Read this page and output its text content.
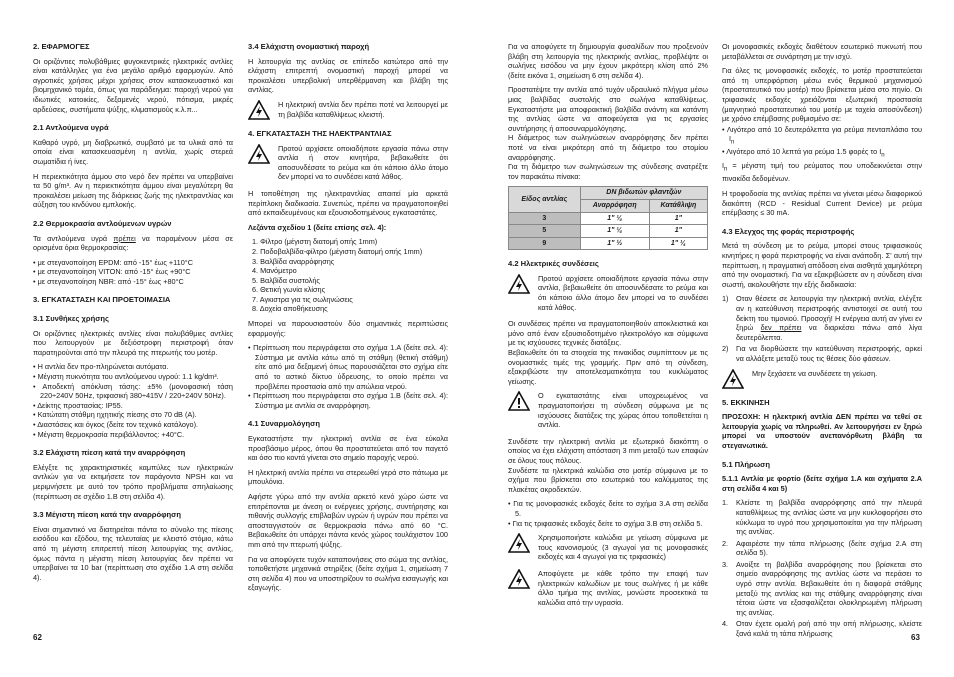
2. ΕΦΑΡΜΟΓΕΣ
Οι οριζόντιες πολυβάθμιες φυγοκεντρικές ηλεκτρικές αντλίες είναι κατάλληλες για ένα μεγάλο αριθμό εφαρμογών. Από αγροτικές χρήσεις μέχρι χρήσεις στον κατασκευαστικό και βιομηχανικό τομέα, όπως για παράδειγμα: παροχή νερού για ιδιωτικές κατοικίες, δεξαμενές νερού, πότισμα, μικρές αρδεύσεις, συστήματα ψύξης, κλιματισμούς κ.λ.π...
2.1 Αντλούμενα υγρά
Καθαρό υγρό, μη διαβρωτικό, συμβατό με τα υλικά από τα οποία είναι κατασκευασμένη η αντλία, χωρίς στερεά σωματίδια ή ίνες.
Η περιεκτικότητα άμμου στο νερό δεν πρέπει να υπερβαίνει τα 50 g/m³. Αν η περιεκτικότητα άμμου είναι μεγαλύτερη θα προκαλέσει μείωση της διάρκειας ζωής της ηλεκτραντλίας και αύξηση του κινδύνου εμπλοκής.
2.2 Θερμοκρασία αντλούμενων υγρών
Τα αντλούμενα υγρά πρέπει να παραμένουν μέσα σε ορισμένα όρια θερμοκρασίας:
• με στεγανοποίηση EPDM: από -15° έως +110°C
• με στεγανοποίηση VITON: από -15° έως +90°C
• με στεγανοποίηση NBR: από -15° έως +80°C
3. ΕΓΚΑΤΑΣΤΑΣΗ ΚΑΙ ΠΡΟΕΤΟΙΜΑΣΙΑ
3.1 Συνθήκες χρήσης
Οι οριζόντιες ηλεκτρικές αντλίες είναι πολυβάθμιες αντλίες που λειτουργούν με δεξιόστροφη περιστροφή όταν παρατηρούνται από την πλευρά της πτερωτής του μοτέρ.
• Η αντλία δεν προ-πληρώνεται αυτόματα.
• Μέγιστη πυκνότητα του αντλούμενου υγρού: 1.1 kg/dm³.
• Αποδεκτή απόκλιση τάσης: ±5% (μονοφασική τάση 220÷240V 50Hz, τριφασική 380÷415V / 220÷240V 50Hz).
• Δείκτης προστασίας: IP55.
• Κατώτατη στάθμη ηχητικής πίεσης στο 70 dB (A).
• Διαστάσεις και όγκος (δείτε τον τεχνικό κατάλογο).
• Μέγιστη θερμοκρασία περιβάλλοντος: +40°C.
3.2 Ελάχιστη πίεση κατά την αναρρόφηση
Ελέγξτε τις χαρακτηριστικές καμπύλες των ηλεκτρικών αντλιών για να εκτιμήσετε τον παράγοντα NPSH και να μεριμνήσετε με αυτό τον τρόπο προβλήματα σπηλαίωσης (περίπτωση σε σχέδιο 1.Β στη σελίδα 4).
3.3 Μέγιστη πίεση κατά την αναρρόφηση
Είναι σημαντικό να διατηρείται πάντα το σύνολο της πίεσης εισόδου και εξόδου, της τελευταίας με κλειστό στόμιο, κάτω από τη μέγιστη επιτρεπτή πίεση λειτουργίας της αντλίας, όμως πάντα η μέγιστη πίεση λειτουργίας δεν πρέπει να υπερβαίνει τα 10 bar (περίπτωση στο σχέδιο 1.Α στη σελίδα 4).
3.4 Ελάχιστη ονομαστική παροχή
Η λειτουργία της αντλίας σε επίπεδο κατώτερο από την ελάχιστη επιτρεπτή ονομαστική παροχή μπορεί να προκαλέσει υπερβολική υπερθέρμανση και βλάβη της αντλίας.
Η ηλεκτρική αντλία δεν πρέπει ποτέ να λειτουργεί με τη βαλβίδα καταθλίψεως κλειστή.
4. ΕΓΚΑΤΑΣΤΑΣΗ ΤΗΣ ΗΛΕΚΤΡΑΝΤΛΙΑΣ
Προτού αρχίσετε οποιαδήποτε εργασία πάνω στην αντλία ή στον κινητήρα, βεβαιωθείτε ότι αποσυνδέσατε το ρεύμα και ότι κάποιο άλλο άτομο δεν μπορεί να το συνδέσει κατά λάθος.
Η τοποθέτηση της ηλεκτραντλίας απαιτεί μία αρκετά περίπλοκη διαδικασία. Συνεπώς, πρέπει να πραγματοποιηθεί από εκπαιδευμένους και εξουσιοδοτημένους εγκαταστάτες.
Λεζάντα σχεδίου 1 (δείτε επίσης σελ. 4):
1. Φίλτρο (μέγιστη διατομή οπής 1mm)
2. Ποδοβαλβίδα-φίλτρο (μέγιστη διατομή οπής 1mm)
3. Βαλβίδα αναρρόφησης
4. Μανόμετρο
5. Βαλβίδα συστολής
6. Θετική γωνία κλίσης
7. Αγκιστρα για τις σωληνώσεις
8. Δοχεία αποθήκευσης
Μπορεί να παρουσιαστούν δύο σημαντικές περιπτώσεις εφαρμογής:
• Περίπτωση που περιγράφεται στο σχήμα 1.Α (δείτε σελ. 4): Σύστημα με αντλία κάτω από τη στάθμη (θετική στάθμη) είτε από μια δεξαμενή όπως παρουσιάζεται στο σχήμα είτε από το αστικό δίκτυο ύδρευσης, το οποίο πρέπει να προβλέπει προστασία από την απώλεια νερού.
• Περίπτωση που περιγράφεται στο σχήμα 1.Β (δείτε σελ. 4): Σύστημα με αντλία σε αναρρόφηση.
4.1 Συναρμολόγηση
Εγκαταστήστε την ηλεκτρική αντλία σε ένα εύκολα προσβάσιμο μέρος, όπου θα προστατεύεται από τον παγετό και όσο πιο κοντά γίνεται στο σημείο παροχής νερού.
Η ηλεκτρική αντλία πρέπει να στερεωθεί γερά στο πάτωμα με μπουλόνια.
Αφήστε γύρω από την αντλία αρκετό κενό χώρο ώστε να επιτρέπονται με άνεση οι ενέργειες χρήσης, συντήρησης και πιθανής συλλογής επιβλαβών υγρών ή υγρών που πρέπει να αποσταγγιστούν σε θερμοκρασία πάνω από 60 °C. Βεβαιωθείτε ότι υπάρχει πάντα κενός χώρος τουλάχιστον 100 mm από την πτερωτή ψύξης.
Για να αποφύγετε τυχόν καταπονήσεις στο σώμα της αντλίας, τοποθετήστε μηχανικά στηρίξεις (δείτε σχήμα 1, σημείωση 7 στη σελίδα 4) που να υποστηρίζουν το σωλήνα εισαγωγής και εξαγωγής.
62
Για να αποφύγετε τη δημιουργία φυσαλίδων που προξενούν βλάβη στη λειτουργία της ηλεκτρικής αντλίας, προβλέψτε οι σωλήνες εισόδου να μην έχουν μικρότερη κλίση από 2% (δείτε εικόνα 1, σημείωση 6 στη σελίδα 4).
Προστατέψτε την αντλία από τυχόν υδραυλικό πλήγμα μέσω μιας βαλβίδας συστολής στο σωλήνα καταθλίψεως. Εγκαταστήστε μια αποφρακτική βαλβίδα ανάντη και κατάντη της αντλίας ώστε να αποφεύγεται για τις εργασίες συντήρησης ή αποσυναρμολόγησης.
Η διάμετρος των σωληνώσεων αναρρόφησης δεν πρέπει ποτέ να είναι μικρότερη από τη διάμετρο του στομίου αναρρόφησης.
Για τη διάμετρο των σωληνώσεων της σύνδεσης ανατρέξτε τον παρακάτω πίνακα:
Είδος αντλίας	DN βιδωτών φλαντζών	
	Αναρρόφηση	Κατάθλιψη
3	1" ¼	1"
5	1" ¼	1"
9	1" ½	1" ¼
4.2 Ηλεκτρικές συνδέσεις
Προτού αρχίσετε οποιαδήποτε εργασία πάνω στην αντλία, βεβαιωθείτε ότι αποσυνδέσατε το ρεύμα και ότι κάποιο άλλο άτομο δεν μπορεί να το συνδέσει κατά λάθος.
Οι συνδέσεις πρέπει να πραγματοποιηθούν αποκλειστικά και μόνο από έναν εξουσιοδοτημένο ηλεκτρολόγο και σύμφωνα με τις ισχύουσες τεχνικές διατάξεις.
Βεβαιωθείτε ότι τα στοιχεία της πινακίδας συμπίπτουν με τις ονομαστικές τιμές της γραμμής. Πριν από τη σύνδεση, εξακριβώστε την αποτελεσματικότητα του κυκλώματος γείωσης.
Ο εγκαταστάτης είναι υποχρεωμένος να πραγματοποιήσει τη σύνδεση σύμφωνα με τις ισχύουσες διατάξεις της χώρας όπου τοποθετείται η αντλία.
Συνδέστε την ηλεκτρική αντλία με εξωτερικό διακόπτη ο οποίος να έχει ελάχιστη απόσταση 3 mm μεταξύ των επαφών σε όλους τους πόλους.
Συνδέστε τα ηλεκτρικά καλώδια στο μοτέρ σύμφωνα με το σχήμα που βρίσκεται στο εσωτερικό του καλύμματος της πλακέτας ακροδεκτών.
• Για τις μονοφασικές εκδοχές δείτε το σχήμα 3.Α στη σελίδα 5.
• Για τις τριφασικές εκδοχές δείτε το σχήμα 3.Β στη σελίδα 5.
Χρησιμοποιήστε καλώδια με γείωση σύμφωνα με τους κανονισμούς (3 αγωγοί για τις μονοφασικές εκδοχές και 4 αγωγοί για τις τριφασικές)
Αποφύγετε με κάθε τρόπο την επαφή των ηλεκτρικών καλωδίων με τους σωλήνες ή με κάθε άλλο τμήμα της αντλίας, μονώστε προσεκτικά τα καλώδια από την υγρασία.
Οι μονοφασικές εκδοχές διαθέτουν εσωτερικό πυκνωτή που μεταβάλλεται σε συνάρτηση με την ισχύ.
Για όλες τις μονοφασικές εκδοχές, το μοτέρ προστατεύεται από τη υπερφόρτιση μέσω ενός θερμικού μηχανισμού (προστατευτικό του μοτέρ) που βρίσκεται μέσα στο πηνίο. Οι τριφασικές εκδοχές χρειάζονται εξωτερική προστασία (μαγνητικό προστατευτικό του μοτέρ με ταχεία αποσύνδεση) με χρόνο επέμβασης ρυθμισμένο σε:
• Λιγότερο από 10 δευτερόλεπτα για ρεύμα πενταπλάσιο του $I_n$
• Λιγότερο από 10 λεπτά για ρεύμα 1.5 φορές το $I_n$
$I_n = \mu έ\gamma\iota\sigma\tau\eta$ τιμή του ρεύματος που υποδεικνύεται στην πινακίδα δεδομένων.
Η τροφοδοσία της αντλίας πρέπει να γίνεται μέσω διαφορικού διακόπτη (RCD - Residual Current Device) με ρεύμα επέμβασης ≤ 30 mA.
4.3 Ελεγχος της φοράς περιστροφής
Μετά τη σύνδεση με το ρεύμα, μπορεί στους τριφασικούς κινητήρες η φορά περιστροφής να είναι ανάποδη. Σ' αυτή την περίπτωση, η πραγματική απόδοση είναι αισθητά χαμηλότερη από την ονομαστική. Για να εξακριβώσετε αν η σύνδεση είναι σωστή, ακολουθήστε την εξής διαδικασία:
1)	Οταν θέσετε σε λειτουργία την ηλεκτρική αντλία, ελέγξτε αν η κατεύθυνση περιστροφής αντιστοιχεί σε αυτή του δείκτη του τιμονιού. Προσοχή! Η ενέργεια αυτή αν γίνει εν ξηρώ δεν πρέπει να διαρκέσει πάνω από λίγα δευτερόλεπτα.
2)	Για να διορθώσετε την κατεύθυνση περιστροφής, αρκεί να αλλάξετε μεταξύ τους τις θέσεις δύο φάσεων.
Μην ξεχάσετε να συνδέσετε τη γείωση.
5. ΕΚΚΙΝΗΣΗ
ΠΡΟΣΟΧΗ: Η ηλεκτρική αντλία ΔΕΝ πρέπει να τεθεί σε λειτουργία χωρίς να πληρωθεί. Αν λειτουργήσει εν ξηρώ μπορεί να υποστούν ανεπανόρθωτη βλάβη τα στεγανωτικά.
5.1 Πλήρωση
5.1.1 Αντλία με φορτίο (δείτε σχήμα 1.Α και σχήματα 2.Α στη σελίδα 4 και 5)
1.	Κλείστε τη βαλβίδα αναρρόφησης από την πλευρά καταθλίψεως της αντλίας ώστε να μην κυκλοφορήσει στο κύκλωμα το υγρό που χρησιμοποιείται για την πλήρωση της αντλίας.
2.	Αφαιρέστε την τάπα πλήρωσης (δείτε σχήμα 2.Α στη σελίδα 5).
3.	Ανοίξτε τη βαλβίδα αναρρόφησης που βρίσκεται στο σημείο αναρρόφησης της αντλίας ώστε να περάσει το υγρό στην αντλία. Βεβαιωθείτε ότι η διαφορά στάθμης μεταξύ της αντλίας και της στάθμης αναρρόφησης είναι τέτοια ώστε να εξασφαλίζεται ολοκληρωμένη πλήρωση της αντλίας.
4.	Οταν έχετε ομαλή ροή από την οπή πλήρωσης, κλείστε ξανά καλά τη τάπα πλήρωσης	63
